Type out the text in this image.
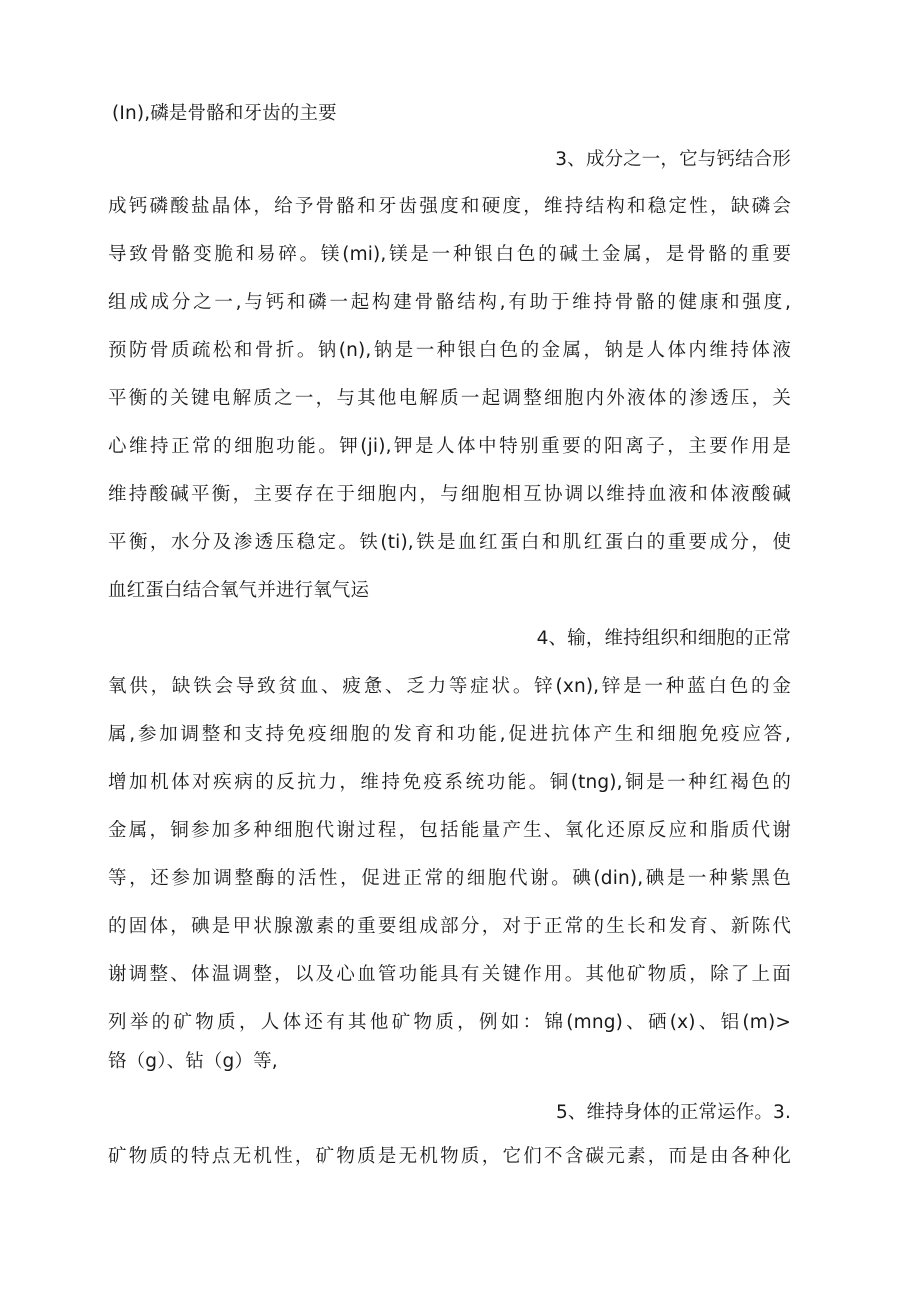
(In),磷是骨骼和牙齿的主要
3、成分之一，它与钙结合形
成钙磷酸盐晶体，给予骨骼和牙齿强度和硬度，维持结构和稳定性，缺磷会
导致骨骼变脆和易碎。镁(mi),镁是一种银白色的碱土金属，是骨骼的重要
组成成分之一,与钙和磷一起构建骨骼结构,有助于维持骨骼的健康和强度,
预防骨质疏松和骨折。钠(n),钠是一种银白色的金属，钠是人体内维持体液
平衡的关键电解质之一，与其他电解质一起调整细胞内外液体的渗透压，关
心维持正常的细胞功能。钾(ji),钾是人体中特别重要的阳离子，主要作用是
维持酸碱平衡，主要存在于细胞内，与细胞相互协调以维持血液和体液酸碱
平衡，水分及渗透压稳定。铁(ti),铁是血红蛋白和肌红蛋白的重要成分，使
血红蛋白结合氧气并进行氧气运
4、输，维持组织和细胞的正常
氧供，缺铁会导致贫血、疲惫、乏力等症状。锌(xn),锌是一种蓝白色的金
属,参加调整和支持免疫细胞的发育和功能,促进抗体产生和细胞免疫应答,
增加机体对疾病的反抗力，维持免疫系统功能。铜(tng),铜是一种红褐色的
金属，铜参加多种细胞代谢过程，包括能量产生、氧化还原反应和脂质代谢
等，还参加调整酶的活性，促进正常的细胞代谢。碘(din),碘是一种紫黑色
的固体，碘是甲状腺激素的重要组成部分，对于正常的生长和发育、新陈代
谢调整、体温调整，以及心血管功能具有关键作用。其他矿物质，除了上面
列举的矿物质，人体还有其他矿物质，例如：锦(mng)、硒(x)、铝(m)>
铬（g）、钻（g）等,
5、维持身体的正常运作。3.
矿物质的特点无机性，矿物质是无机物质，它们不含碳元素，而是由各种化
